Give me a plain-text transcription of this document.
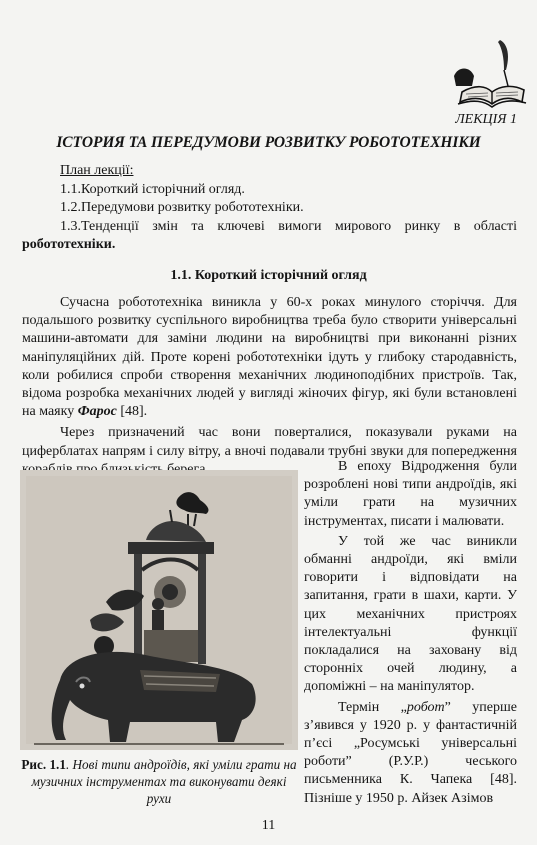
ЛЕКЦІЯ 1
ІСТОРИЯ ТА ПЕРЕДУМОВИ РОЗВИТКУ РОБОТОТЕХНІКИ
План лекції:
1.1.Короткий історічний огляд.
1.2.Передумови розвитку робототехніки.
1.3.Тенденції змін та ключеві вимоги мирового ринку в області робототехніки.
1.1. Короткий історічний огляд

Сучасна робототехніка виникла у 60-х роках минулого сторіччя. Для подальшого розвитку суспільного виробництва треба було створити універсальні машини-автомати для заміни людини на виробництві при виконанні різних маніпуляційних дій. Проте корені робототехніки ідуть у глибоку стародавність, коли робилися спроби створення механічних людиноподібних пристроїв. Так, відома розробка механічних людей у вигляді жіночих фігур, які були встановлені на маяку Фарос [48].

Через призначений час вони поверталися, показували руками на циферблатах напрям і силу вітру, а вночі подавали трубні звуки для попередження

Рис. 1.1. Нові типи андроїдів, які уміли грати на музичних інструментах та виконувати деякі рухи

В епоху Відродження були розроблені нові типи андроїдів, які уміли грати на музичних інструментах, писати і малювати.

У той же час виникли обманні андроїди, які вміли говорити і відповідати на запитання, грати в шахи, карти. У цих механічних пристроях інтелектуальні функції покладалися на заховану від сторонніх очей людину, а допоміжні – на маніпулятор.

Термін „робот” уперше з’явився у 1920 р. у фантастичній п’єсі „Росумські універсальні роботи” (Р.У.Р.) чеського письменника К. Чапека [48]. Пізніше у 1950 р. Айзек Азімов

11
